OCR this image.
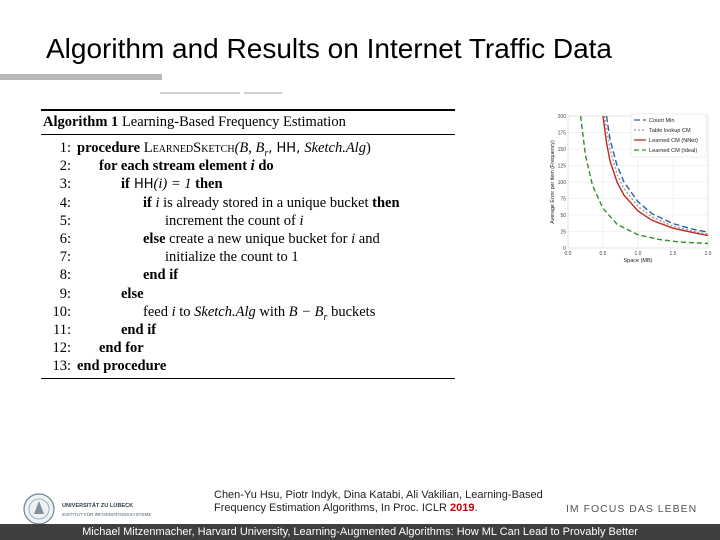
Algorithm and Results on Internet Traffic Data
Algorithm 1 Learning-Based Frequency Estimation
1: procedure LearnedSketch(B, $B_r$, HH, Sketch.Alg)
2: for each stream element i do
3:	if HH(i) = 1 then
4:	if i is already stored in a unique bucket then
5:	increment the count of i
6:	else create a new unique bucket for i and
7:	initialize the count to 1
8:	end if
9:	else
10:	feed i to Sketch.Alg with $B - B_r$ buckets
11:	end if
12: end for
13: end procedure
0
25
50
75
100
125
150
175
200
0.0	0.5	1.0	1.5	2.0
Space (MB)
Average Error per item (Frequency)
Count Min
Table lookup CM
Learned CM (NNet)
Learned CM (Ideal)
Chen-Yu Hsu, Piotr Indyk, Dina Katabi, Ali Vakilian, Learning-Based Frequency Estimation Algorithms, In Proc. ICLR 2019.
UNIVERSITÄT ZU LÜBECK
INSTITUT FÜR INFORMATIONSSYSTEME	IM FOCUS DAS LEBEN
Michael Mitzenmacher, Harvard University, Learning-Augmented Algorithms: How ML Can Lead to Provably Better
